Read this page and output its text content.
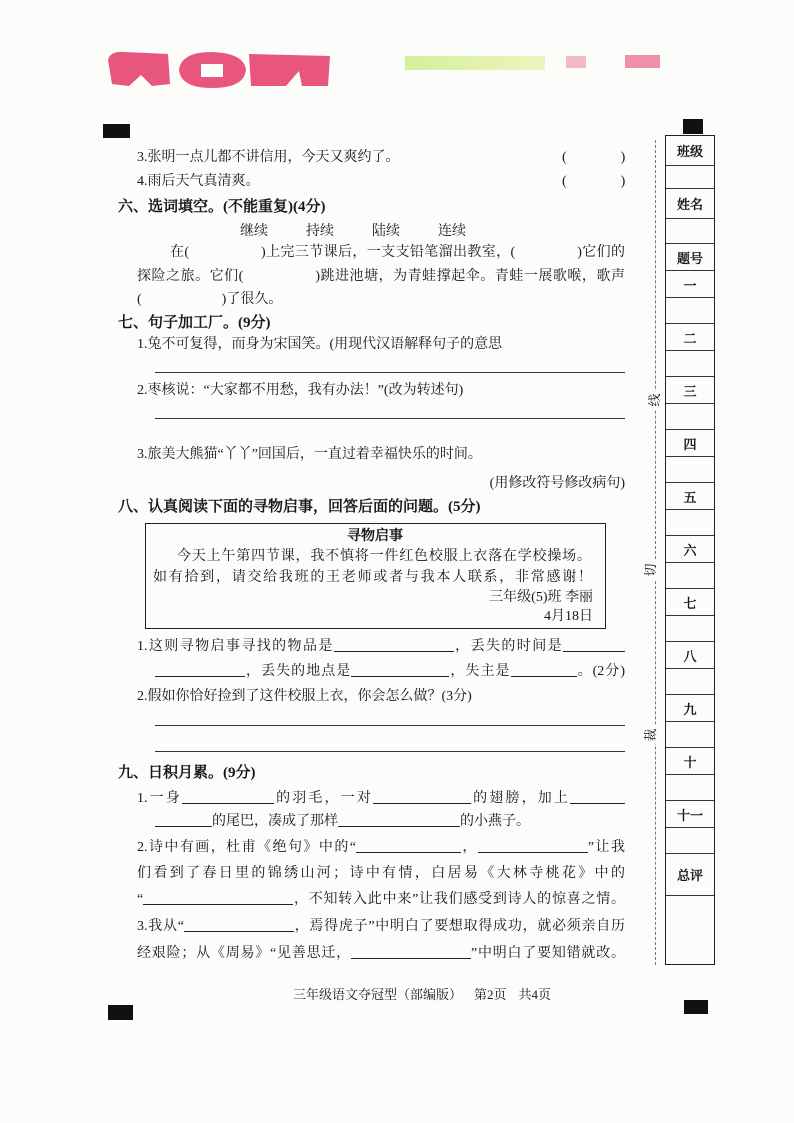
3.张明一点儿都不讲信用，今天又爽约了。	(	)
4.雨后天气真清爽。	(	)
六、选词填空。(不能重复)(4分)
继续	持续	陆续	连续
在(	)上完三节课后，一支支铅笔溜出教室，(	)它们的
探险之旅。它们(	)跳进池塘，为青蛙撑起伞。青蛙一展歌喉，歌声
(	)了很久。
七、句子加工厂。(9分)
1.兔不可复得，而身为宋国笑。(用现代汉语解释句子的意思
2.枣核说：“大家都不用愁，我有办法！”(改为转述句)
3.旅美大熊猫“丫丫”回国后，一直过着幸福快乐的时间。
(用修改符号修改病句)
八、认真阅读下面的寻物启事，回答后面的问题。(5分)
寻物启事
今天上午第四节课，我不慎将一件红色校服上衣落在学校操场。
如有拾到，请交给我班的王老师或者与我本人联系，非常感谢！
三年级(5)班 李丽
4月18日
1.这则寻物启事寻找的物品是	，丢失的时间是
，丢失的地点是	，失主是	。(2分)
2.假如你恰好捡到了这件校服上衣，你会怎么做？(3分)
九、日积月累。(9分)
1.一身	的羽毛，一对	的翅膀，加上
的尾巴，凑成了那样	的小燕子。
2.诗中有画，杜甫《绝句》中的“	，	”让我
们看到了春日里的锦绣山河；诗中有情，白居易《大林寺桃花》中的
“	，不知转入此中来”让我们感受到诗人的惊喜之情。
3.我从“	，焉得虎子”中明白了要想取得成功，就必须亲自历
经艰险；从《周易》“见善思迁，	”中明白了要知错就改。
线
切
裁
班级
姓名
题号
一
二
三
四
五
六
七
八
九
十
十一
总评
三年级语文夺冠型（部编版） 第2页 共4页
